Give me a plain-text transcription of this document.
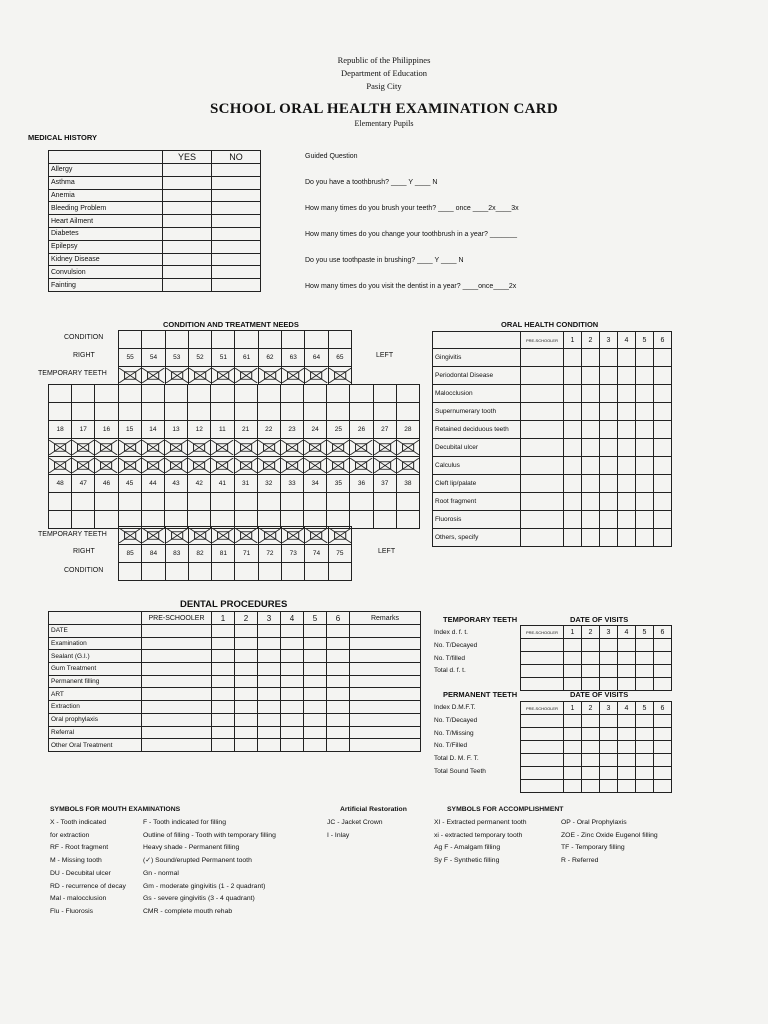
Republic of the Philippines
Department of Education
Pasig City
SCHOOL ORAL HEALTH EXAMINATION CARD
Elementary Pupils
MEDICAL HISTORY
	YES	NO
Allergy		
Asthma		
Anemia		
Bleeding Problem		
Heart Ailment		
Diabetes		
Epilepsy		
Kidney Disease		
Convulsion		
Fainting		
Guided Question
Do you have a toothbrush? ____ Y ____ N
How many times do you brush your teeth? ____ once ____2x____3x
How many times do you change your toothbrush in a year? _______
Do you use toothpaste in brushing? ____ Y ____ N
How many times do you visit the dentist in a year? ____once____2x
CONDITION AND TREATMENT NEEDS
CONDITION
RIGHT	LEFT
TEMPORARY TEETH
TEMPORARY TEETH
RIGHT	LEFT
CONDITION

55	54	53	52	51	61	62	63	64	65

18	17	16	15	14	13	12	11	21	22	23	24	25	26	27	28

48	47	46	45	44	43	42	41	31	32	33	34	35	36	37	38

85	84	83	82	81	71	72	73	74	75

ORAL HEALTH CONDITION
	PRE-SCHOOLER	1	2	3	4	5	6
Gingivitis							
Periodontal Disease							
Malocclusion							
Supernumerary tooth							
Retained deciduous teeth							
Decubital ulcer							
Calculus							
Cleft lip/palate							
Root fragment							
Fluorosis							
Others, specify							
DENTAL PROCEDURES
	PRE-SCHOOLER	1	2	3	4	5	6	Remarks
DATE								
Examination								
Sealant (G.I.)								
Gum Treatment								
Permanent filling								
ART								
Extraction								
Oral prophylaxis								
Referral								
Other Oral Treatment								
TEMPORARY TEETH	DATE OF VISITS
Index d. f. t.
No. T/Decayed
No. T/filled
Total d. f. t.
PRE-SCHOOLER	1	2	3	4	5	6

PERMANENT TEETH	DATE OF VISITS
Index D.M.F.T.
No. T/Decayed
No. T/Missing
No. T/Filled
Total D. M. F. T.
Total Sound Teeth
PRE-SCHOOLER	1	2	3	4	5	6

SYMBOLS FOR MOUTH EXAMINATIONS
X - Tooth indicated
for extraction
RF - Root fragment
M - Missing tooth
DU - Decubital ulcer
RD - recurrence of decay
Mal - malocclusion
Flu - Fluorosis
F - Tooth indicated for filling
Outline of filling - Tooth with temporary filling
Heavy shade - Permanent filling
(✓) Sound/erupted Permanent tooth
Gn - normal
Gm - moderate gingivitis (1 - 2 quadrant)
Gs - severe gingivitis (3 - 4 quadrant)
CMR - complete mouth rehab
Artificial Restoration
JC - Jacket Crown
I - Inlay
SYMBOLS FOR ACCOMPLISHMENT
XI - Extracted permanent tooth
xi - extracted temporary tooth
Ag F - Amalgam filling
Sy F - Synthetic filling
OP - Oral Prophylaxis
ZOE - Zinc Oxide Eugenol filling
TF - Temporary filling
R - Referred
